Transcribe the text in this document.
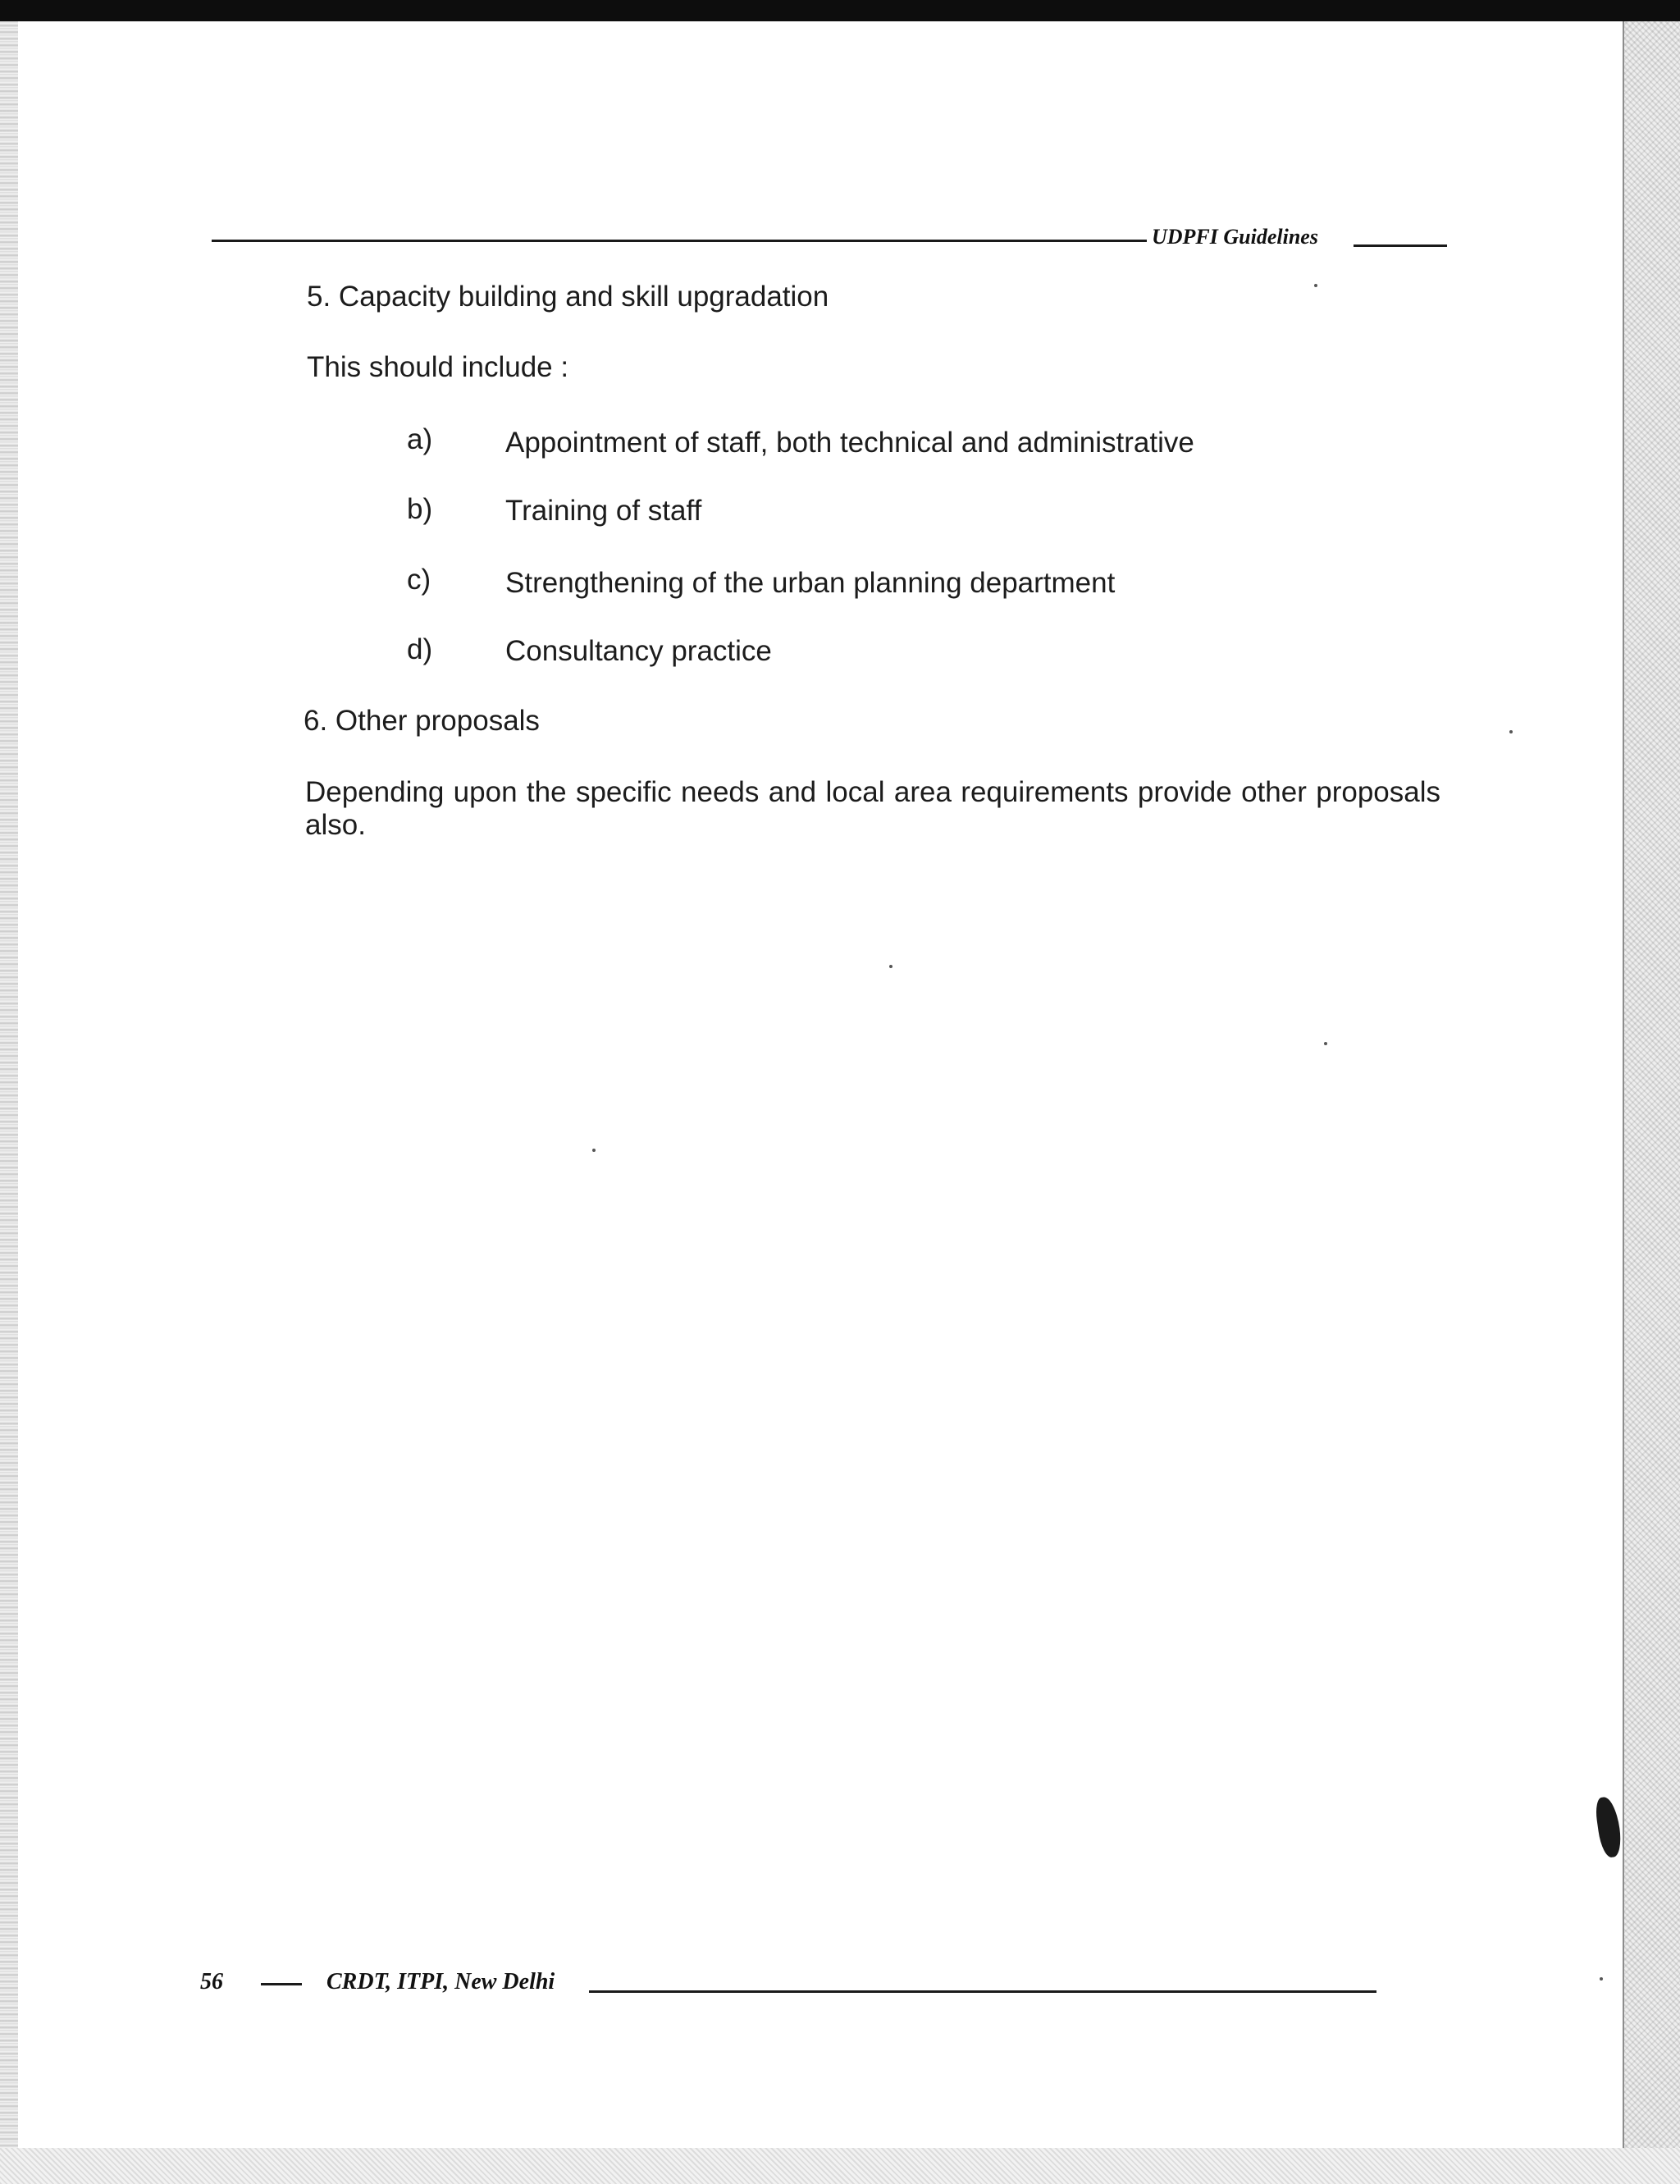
UDPFI Guidelines
5. Capacity building and skill upgradation
This should include :
a)	Appointment of staff, both technical and administrative
b)	Training of staff
c)	Strengthening of the urban planning department
d)	Consultancy practice
6. Other proposals
Depending upon the specific needs and local area requirements provide other proposals also.
56	CRDT, ITPI, New Delhi
